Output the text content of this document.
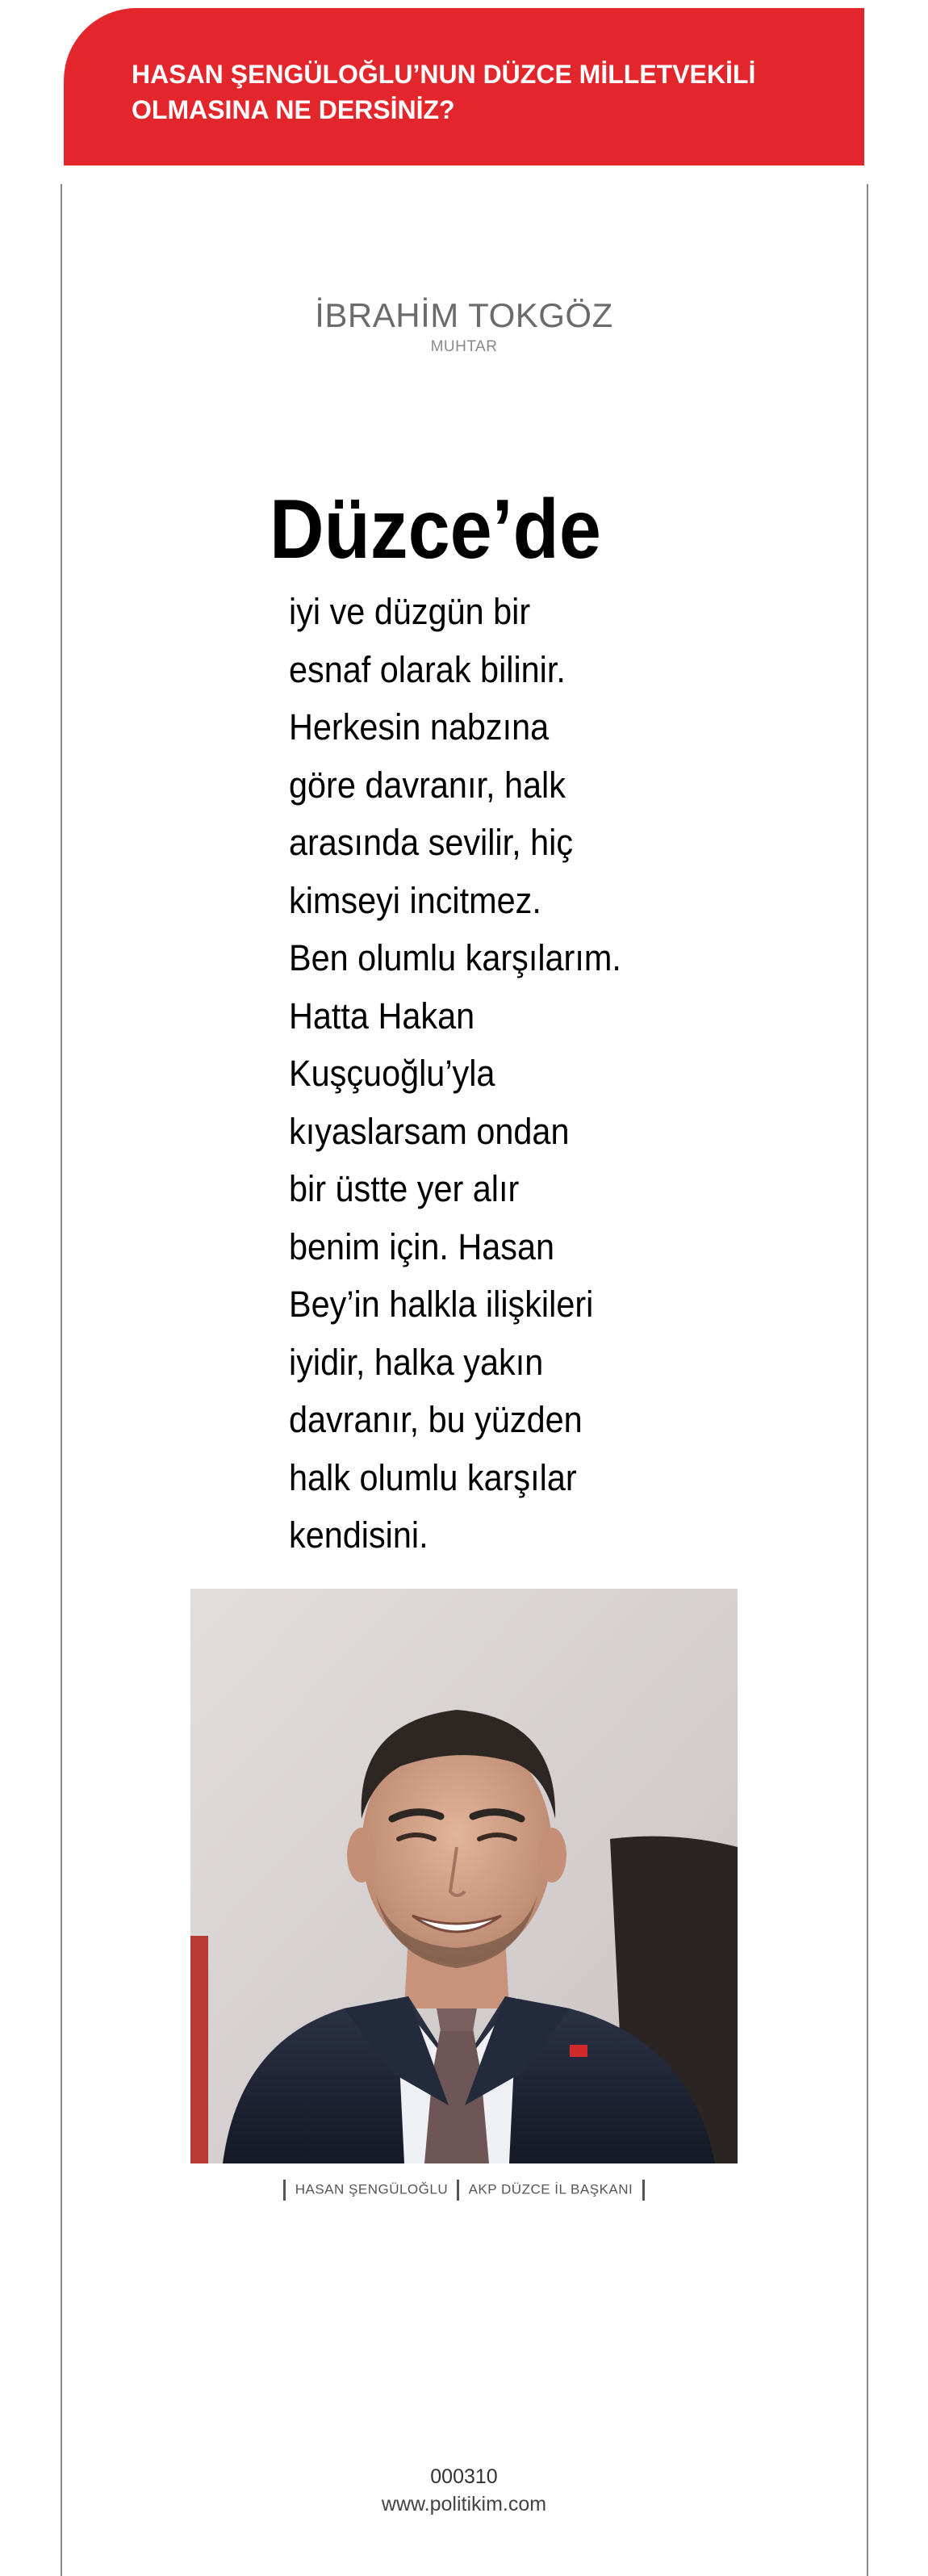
HASAN ŞENGÜLOĞLU’NUN DÜZCE MİLLETVEKİLİ OLMASINA NE DERSİNİZ?
İBRAHİM TOKGÖZ
MUHTAR
Düzce’de
iyi ve düzgün bir
esnaf olarak bilinir.
Herkesin nabzına
göre davranır, halk
arasında sevilir, hiç
kimseyi incitmez.
Ben olumlu karşılarım.
Hatta Hakan
Kuşçuoğlu’yla
kıyaslarsam ondan
bir üstte yer alır
benim için. Hasan
Bey’in halkla ilişkileri
iyidir, halka yakın
davranır, bu yüzden
halk olumlu karşılar
kendisini.
HASAN ŞENGÜLOĞLU AKP DÜZCE İL BAŞKANI
000310
www.politikim.com
